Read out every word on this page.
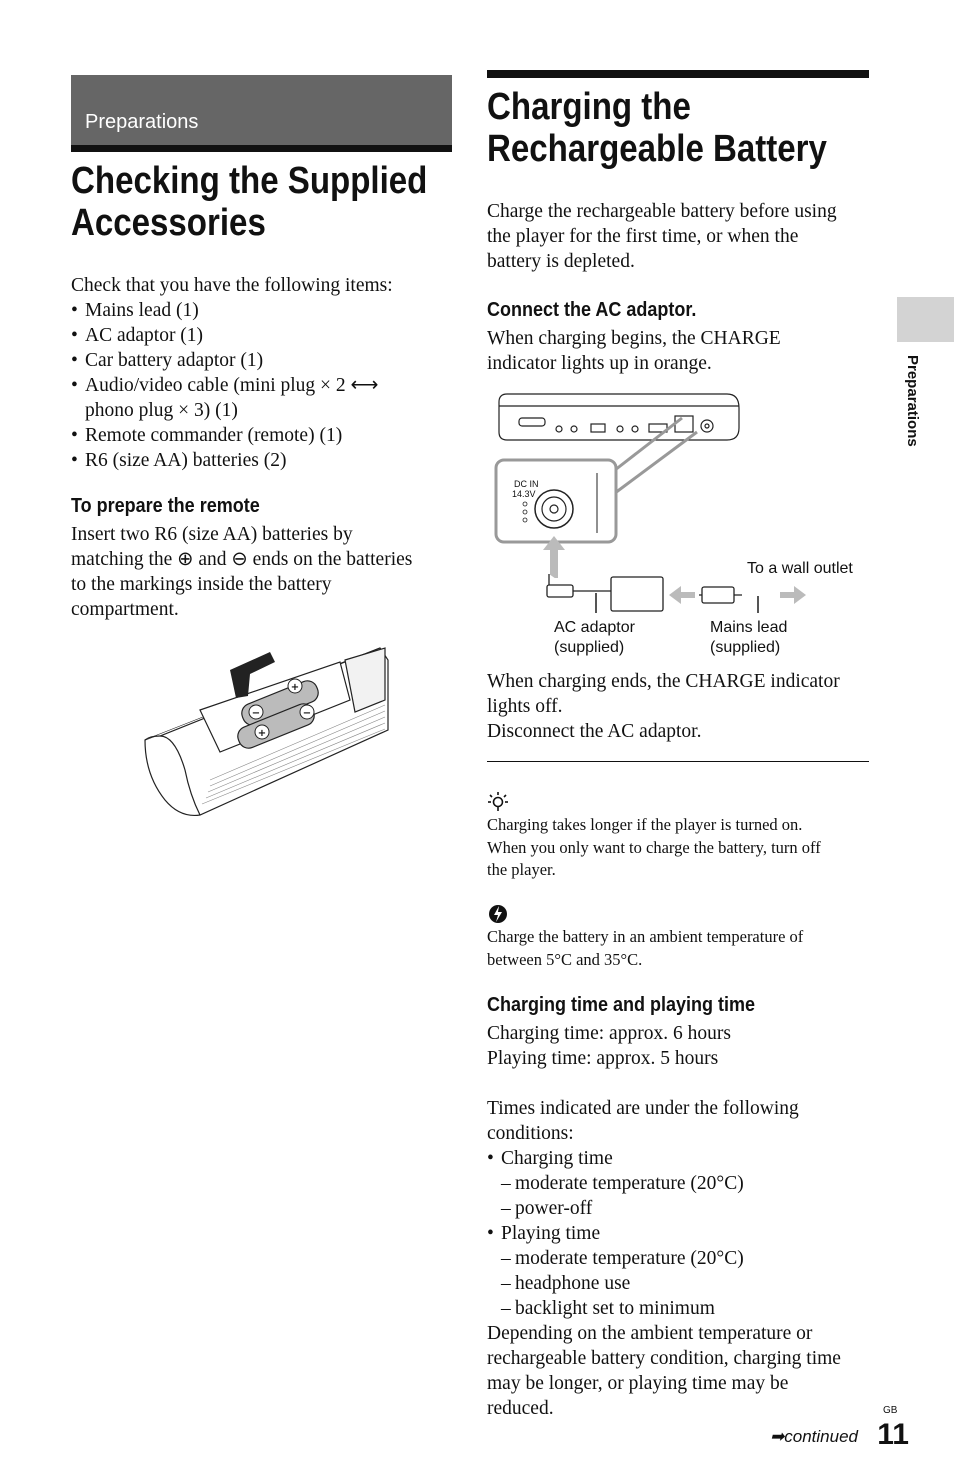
Preparations
Checking the Supplied
Accessories
Check that you have the following items:
• Mains lead (1)
• AC adaptor (1)
• Car battery adaptor (1)
• Audio/video cable (mini plug × 2 ⟷
phono plug × 3) (1)
• Remote commander (remote) (1)
• R6 (size AA) batteries (2)
To prepare the remote
Insert two R6 (size AA) batteries by
matching the ⊕ and ⊖ ends on the batteries
to the markings inside the battery
compartment.
+
−	−
+
Charging the
Rechargeable Battery
Charge the rechargeable battery before using
the player for the first time, or when the
battery is depleted.
Connect the AC adaptor.
When charging begins, the CHARGE
indicator lights up in orange.
DC IN
14.3V
To a wall outlet
AC adaptor
(supplied)
Mains lead
(supplied)
When charging ends, the CHARGE indicator
lights off.
Disconnect the AC adaptor.
Charging takes longer if the player is turned on.
When you only want to charge the battery, turn off
the player.
Charge the battery in an ambient temperature of
between 5°C and 35°C.
Charging time and playing time
Charging time: approx. 6 hours
Playing time: approx. 5 hours
Times indicated are under the following
conditions:
• Charging time
– moderate temperature (20°C)
– power-off
• Playing time
– moderate temperature (20°C)
– headphone use
– backlight set to minimum
Depending on the ambient temperature or
rechargeable battery condition, charging time
may be longer, or playing time may be
reduced.
Preparations
➡continued
GB
11
